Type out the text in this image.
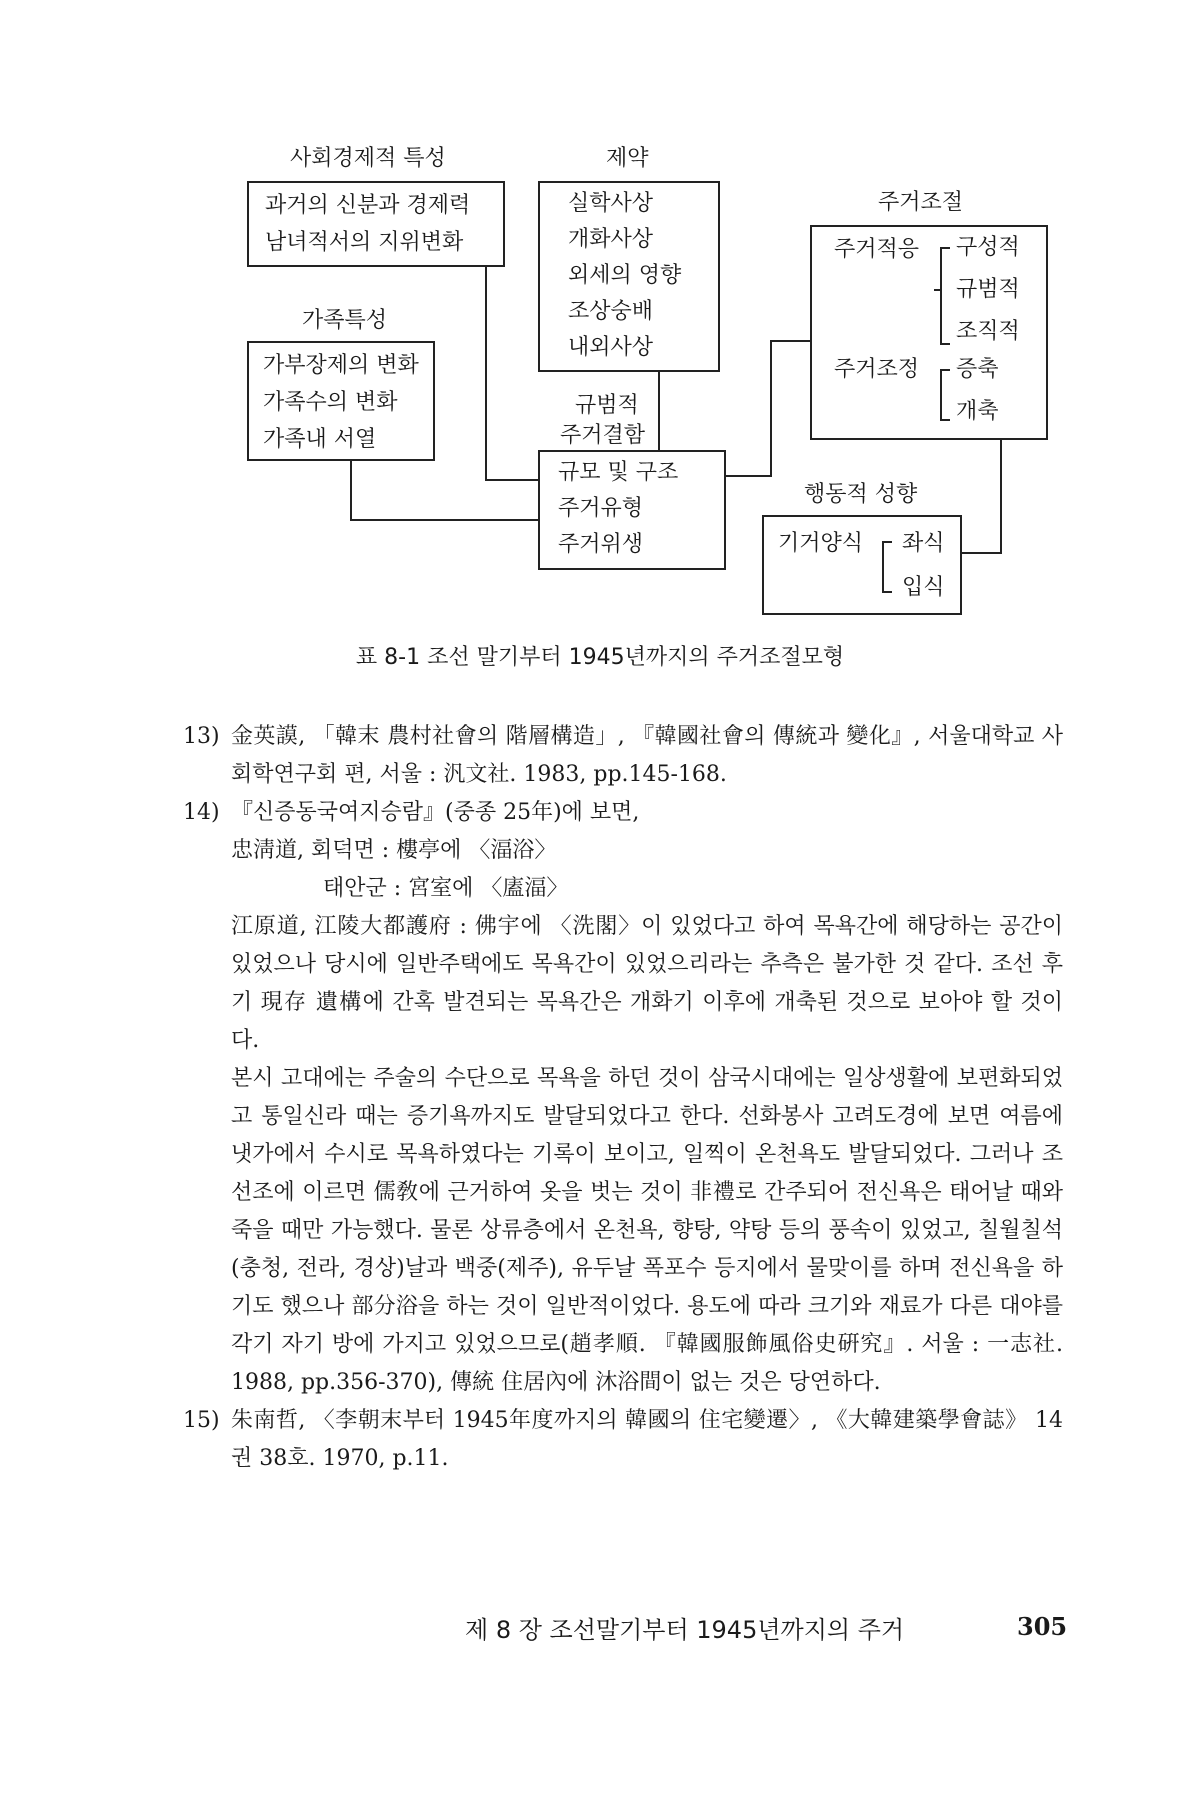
사회경제적 특성
과거의 신분과 경제력
남녀적서의 지위변화
가족특성
가부장제의 변화
가족수의 변화
가족내 서열
제약
실학사상
개화사상
외세의 영향
조상숭배
내외사상
규범적
주거결함
규모 및 구조
주거유형
주거위생
주거조절
주거적응 구성적
규범적
조직적
주거조정 증축
개축
행동적 성향
기거양식 좌식
입식
표 8-1 조선 말기부터 1945년까지의 주거조절모형
13) 金英謨, 「韓末 農村社會의 階層構造」, 『韓國社會의 傳統과 變化』, 서울대학교 사회학연구회 편, 서울 : 汎文社. 1983, pp.145-168.

14) 『신증동국여지승람』(중종 25年)에 보면,

忠淸道, 회덕면 : 樓亭에 〈湢浴〉

태안군 : 宮室에 〈廅湢〉

江原道, 江陵大都護府 : 佛宇에 〈洗閣〉이 있었다고 하여 목욕간에 해당하는 공간이 있었으나 당시에 일반주택에도 목욕간이 있었으리라는 추측은 불가한 것 같다. 조선 후기 現存 遺構에 간혹 발견되는 목욕간은 개화기 이후에 개축된 것으로 보아야 할 것이다.

본시 고대에는 주술의 수단으로 목욕을 하던 것이 삼국시대에는 일상생활에 보편화되었고 통일신라 때는 증기욕까지도 발달되었다고 한다. 선화봉사 고려도경에 보면 여름에 냇가에서 수시로 목욕하였다는 기록이 보이고, 일찍이 온천욕도 발달되었다. 그러나 조선조에 이르면 儒敎에 근거하여 옷을 벗는 것이 非禮로 간주되어 전신욕은 태어날 때와 죽을 때만 가능했다. 물론 상류층에서 온천욕, 향탕, 약탕 등의 풍속이 있었고, 칠월칠석(충청, 전라, 경상)날과 백중(제주), 유두날 폭포수 등지에서 물맞이를 하며 전신욕을 하기도 했으나 部分浴을 하는 것이 일반적이었다. 용도에 따라 크기와 재료가 다른 대야를 각기 자기 방에 가지고 있었으므로(趙孝順. 『韓國服飾風俗史硏究』. 서울 : 一志社. 1988, pp.356-370), 傳統 住居內에 沐浴間이 없는 것은 당연하다.

15) 朱南哲, 〈李朝末부터 1945年度까지의 韓國의 住宅變遷〉, 《大韓建築學會誌》 14권 38호. 1970, p.11.

제 8 장 조선말기부터 1945년까지의 주거	305
